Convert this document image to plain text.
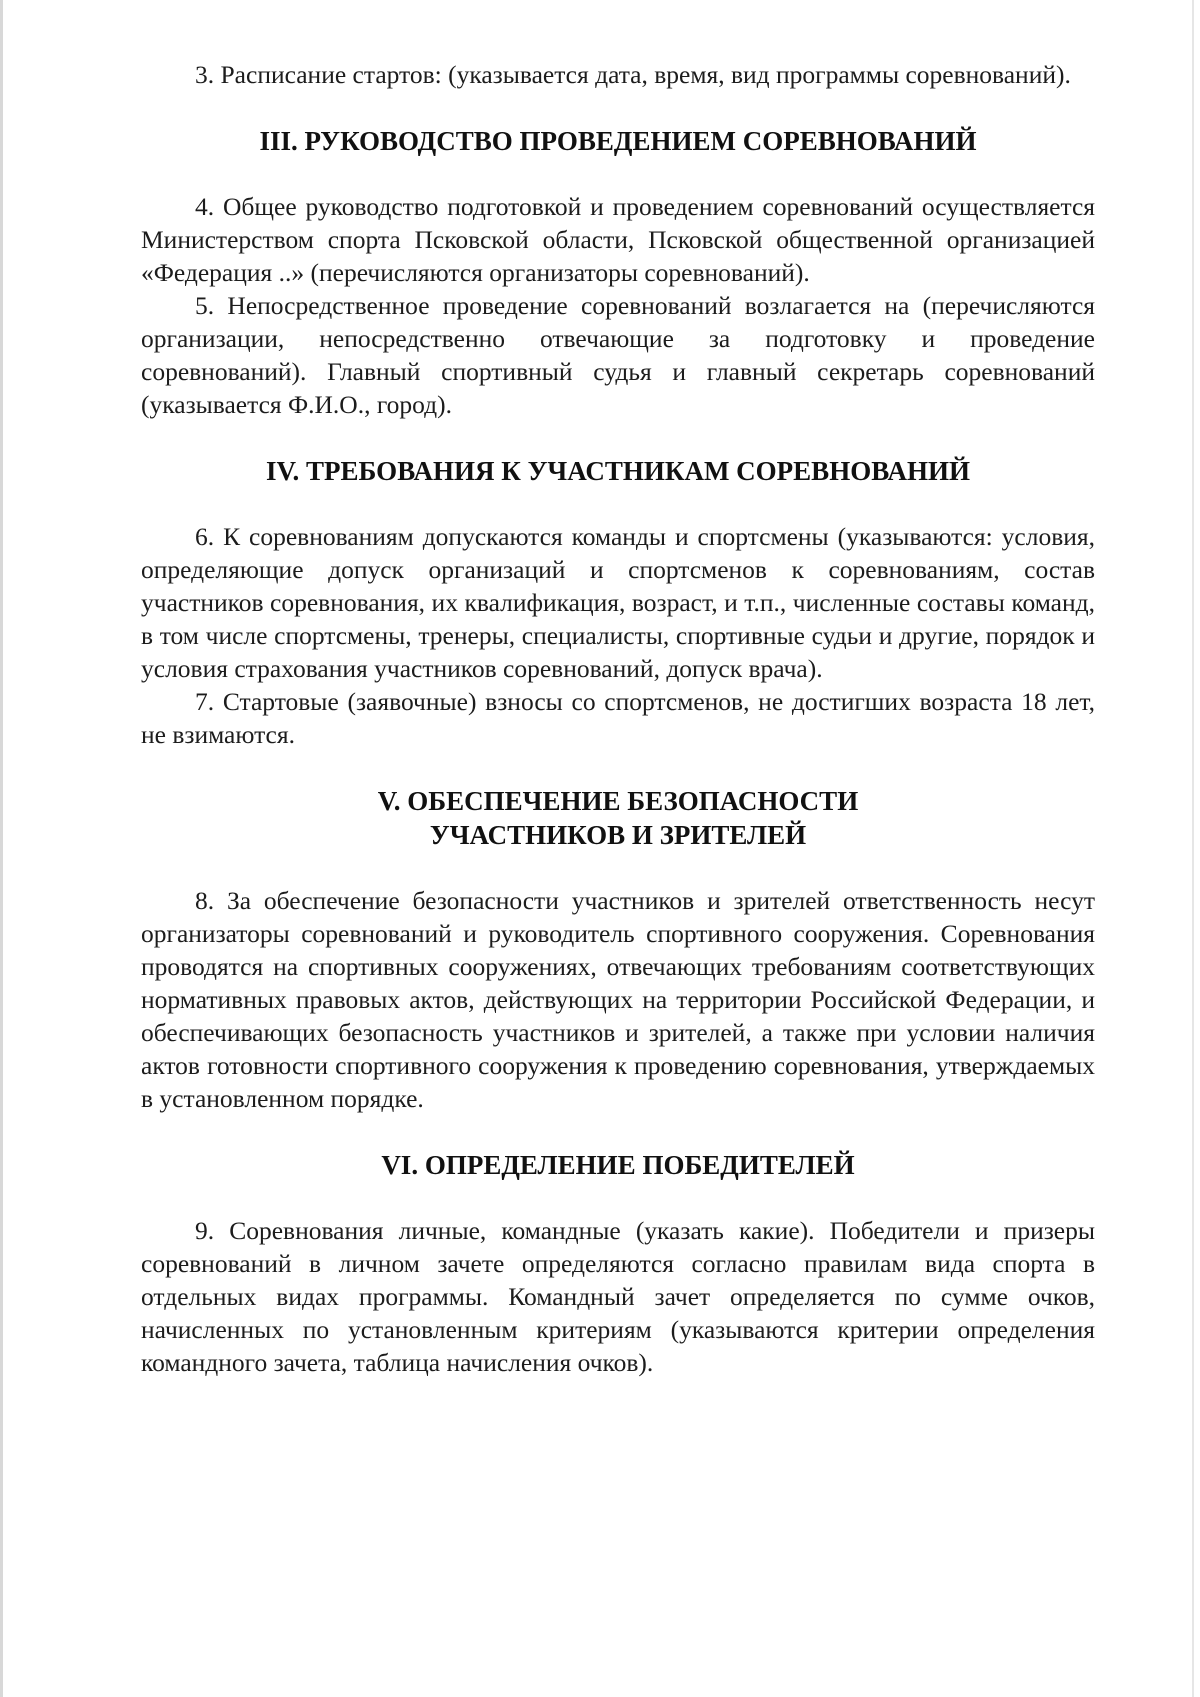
3. Расписание стартов: (указывается дата, время, вид программы соревнований).

III. РУКОВОДСТВО ПРОВЕДЕНИЕМ СОРЕВНОВАНИЙ

4. Общее руководство подготовкой и проведением соревнований осуществляется Министерством спорта Псковской области, Псковской общественной организацией «Федерация ..» (перечисляются организаторы соревнований).

5. Непосредственное проведение соревнований возлагается на (перечисляются организации, непосредственно отвечающие за подготовку и проведение соревнований). Главный спортивный судья и главный секретарь соревнований (указывается Ф.И.О., город).

IV. ТРЕБОВАНИЯ К УЧАСТНИКАМ СОРЕВНОВАНИЙ

6. К соревнованиям допускаются команды и спортсмены (указываются: условия, определяющие допуск организаций и спортсменов к соревнованиям, состав участников соревнования, их квалификация, возраст, и т.п., численные составы команд, в том числе спортсмены, тренеры, специалисты, спортивные судьи и другие, порядок и условия страхования участников соревнований, допуск врача).

7. Стартовые (заявочные) взносы со спортсменов, не достигших возраста 18 лет, не взимаются.

V. ОБЕСПЕЧЕНИЕ БЕЗОПАСНОСТИ
УЧАСТНИКОВ И ЗРИТЕЛЕЙ

8. За обеспечение безопасности участников и зрителей ответственность несут организаторы соревнований и руководитель спортивного сооружения. Соревнования проводятся на спортивных сооружениях, отвечающих требованиям соответствующих нормативных правовых актов, действующих на территории Российской Федерации, и обеспечивающих безопасность участников и зрителей, а также при условии наличия актов готовности спортивного сооружения к проведению соревнования, утверждаемых в установленном порядке.

VI. ОПРЕДЕЛЕНИЕ ПОБЕДИТЕЛЕЙ

9. Соревнования личные, командные (указать какие). Победители и призеры соревнований в личном зачете определяются согласно правилам вида спорта в отдельных видах программы. Командный зачет определяется по сумме очков, начисленных по установленным критериям (указываются критерии определения командного зачета, таблица начисления очков).
